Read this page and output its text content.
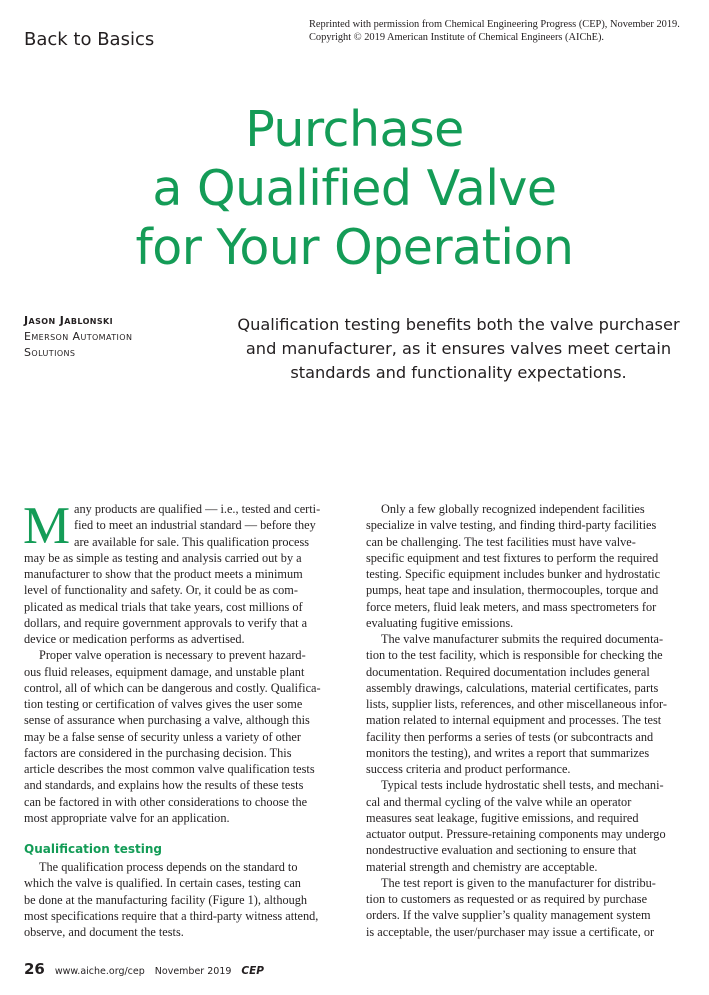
Back to Basics
Reprinted with permission from Chemical Engineering Progress (CEP), November 2019.
Copyright © 2019 American Institute of Chemical Engineers (AIChE).
Purchase
a Qualified Valve
for Your Operation
Jason Jablonski
Emerson Automation
Solutions
Qualification testing benefits both the valve purchaser
and manufacturer, as it ensures valves meet certain
standards and functionality expectations.
M any products are qualified — i.e., tested and certi-
fied to meet an industrial standard — before they
are available for sale. This qualification process
may be as simple as testing and analysis carried out by a
manufacturer to show that the product meets a minimum
level of functionality and safety. Or, it could be as com-
plicated as medical trials that take years, cost millions of
dollars, and require government approvals to verify that a
device or medication performs as advertised.
Proper valve operation is necessary to prevent hazard-
ous fluid releases, equipment damage, and unstable plant
control, all of which can be dangerous and costly. Qualifica-
tion testing or certification of valves gives the user some
sense of assurance when purchasing a valve, although this
may be a false sense of security unless a variety of other
factors are considered in the purchasing decision. This
article describes the most common valve qualification tests
and standards, and explains how the results of these tests
can be factored in with other considerations to choose the
most appropriate valve for an application.
Qualification testing
The qualification process depends on the standard to
which the valve is qualified. In certain cases, testing can
be done at the manufacturing facility (Figure 1), although
most specifications require that a third-party witness attend,
observe, and document the tests.
Only a few globally recognized independent facilities
specialize in valve testing, and finding third-party facilities
can be challenging. The test facilities must have valve-
specific equipment and test fixtures to perform the required
testing. Specific equipment includes bunker and hydrostatic
pumps, heat tape and insulation, thermocouples, torque and
force meters, fluid leak meters, and mass spectrometers for
evaluating fugitive emissions.
The valve manufacturer submits the required documenta-
tion to the test facility, which is responsible for checking the
documentation. Required documentation includes general
assembly drawings, calculations, material certificates, parts
lists, supplier lists, references, and other miscellaneous infor-
mation related to internal equipment and processes. The test
facility then performs a series of tests (or subcontracts and
monitors the testing), and writes a report that summarizes
success criteria and product performance.
Typical tests include hydrostatic shell tests, and mechani-
cal and thermal cycling of the valve while an operator
measures seat leakage, fugitive emissions, and required
actuator output. Pressure-retaining components may undergo
nondestructive evaluation and sectioning to ensure that
material strength and chemistry are acceptable.
The test report is given to the manufacturer for distribu-
tion to customers as requested or as required by purchase
orders. If the valve supplier’s quality management system
is acceptable, the user/purchaser may issue a certificate, or
26 www.aiche.org/cep November 2019 CEP
